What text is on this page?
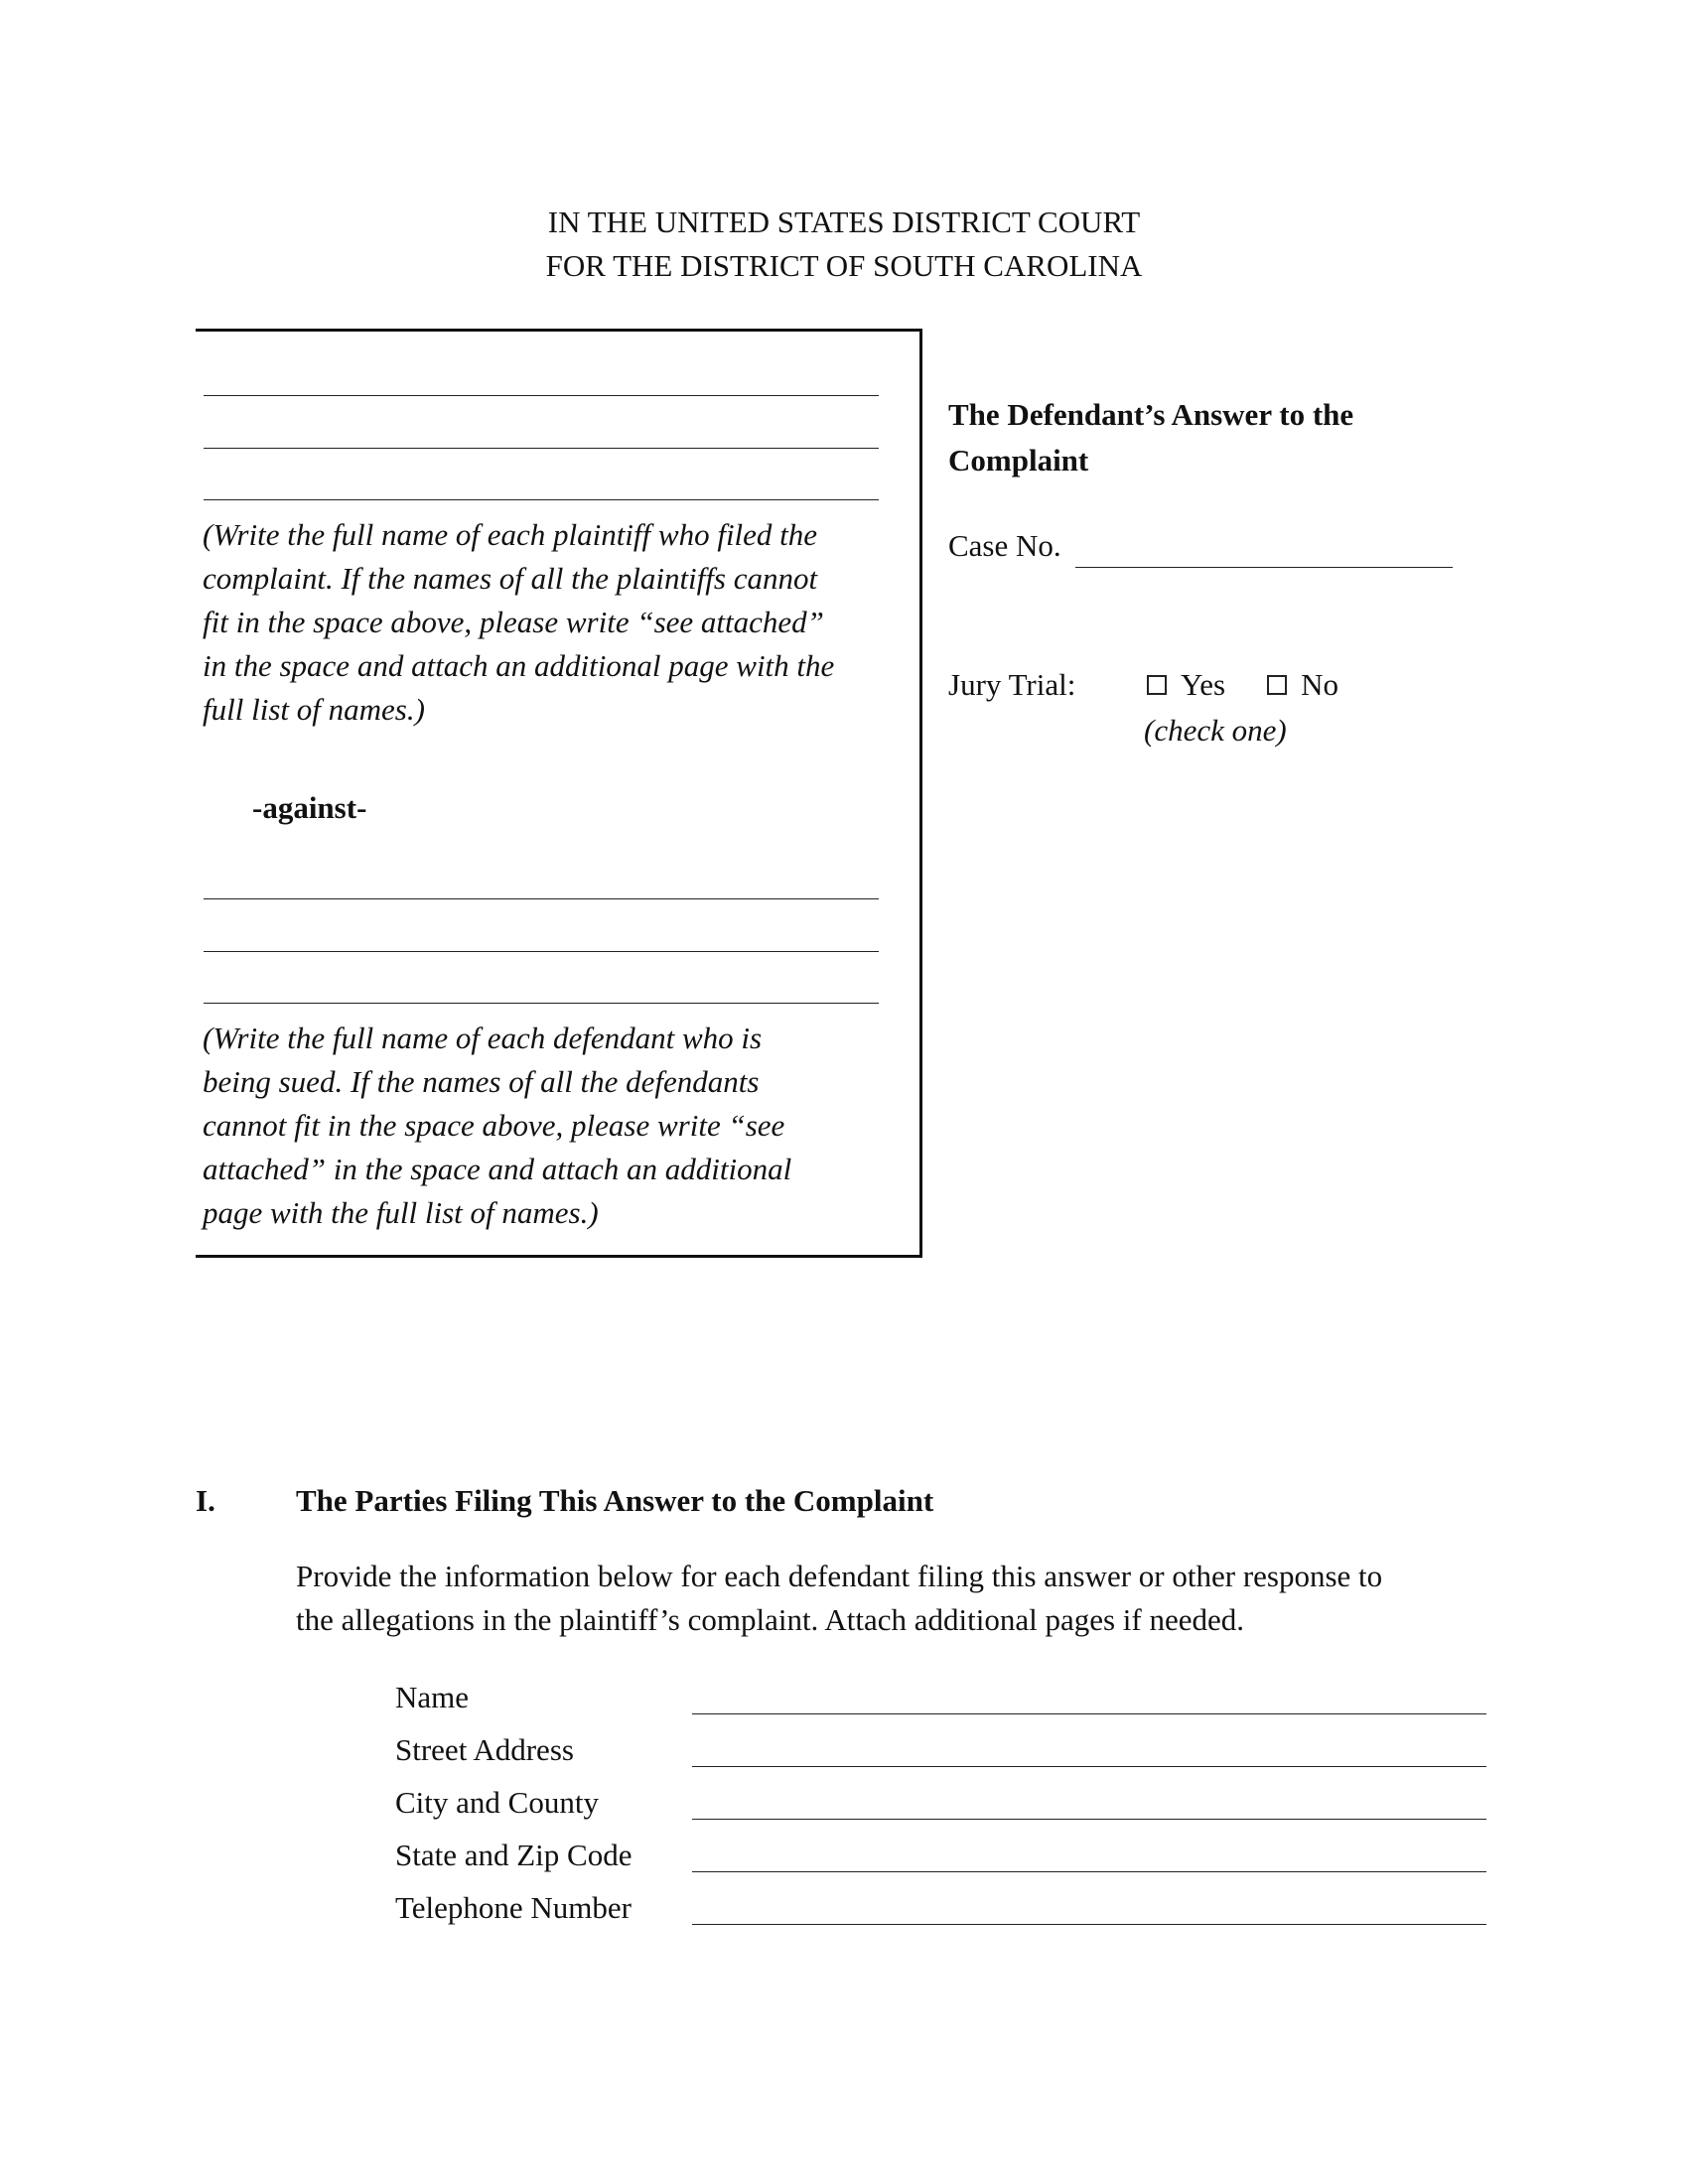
IN THE UNITED STATES DISTRICT COURT
FOR THE DISTRICT OF SOUTH CAROLINA
(Write the full name of each plaintiff who filed the
complaint. If the names of all the plaintiffs cannot
fit in the space above, please write “see attached”
in the space and attach an additional page with the
full list of names.)
-against-
(Write the full name of each defendant who is
being sued. If the names of all the defendants
cannot fit in the space above, please write “see
attached” in the space and attach an additional
page with the full list of names.)
The Defendant’s Answer to the
Complaint
Case No.
Jury Trial:	Yes No
(check one)
I.	The Parties Filing This Answer to the Complaint
Provide the information below for each defendant filing this answer or other response to
the allegations in the plaintiff’s complaint. Attach additional pages if needed.
Name
Street Address
City and County
State and Zip Code
Telephone Number
